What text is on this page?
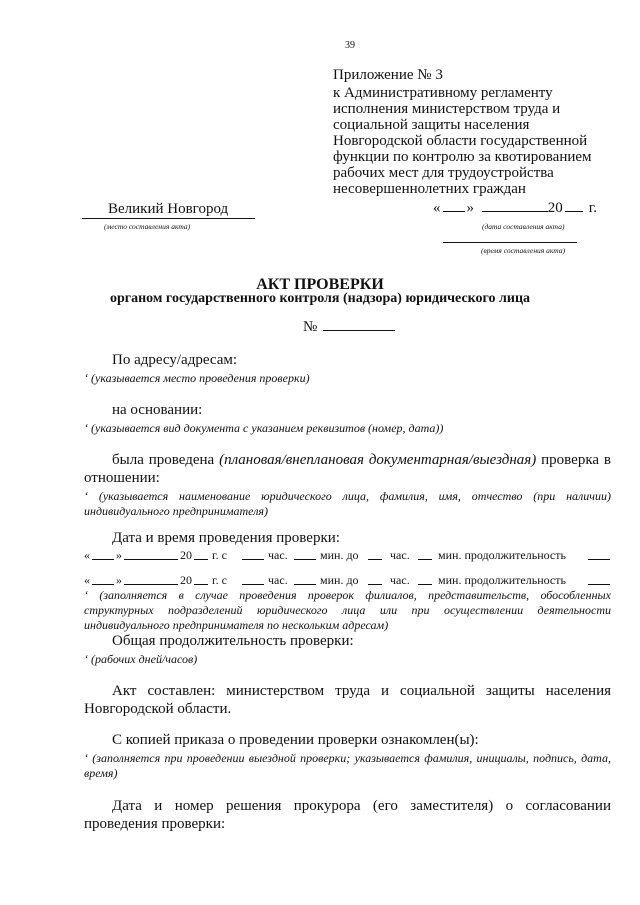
39
Приложение № 3
к Административному регламенту
исполнения министерством труда и
социальной защиты населения
Новгородской области государственной
функции по контролю за квотированием
рабочих мест для трудоустройства
несовершеннолетних граждан
Великий Новгород
(место составления акта)
« »	20 г.
(дата составления акта)
(время составления акта)
АКТ ПРОВЕРКИ
органом государственного контроля (надзора) юридического лица
№
По адресу/адресам:
‘ (указывается место проведения проверки)
на основании:
‘ (указывается вид документа с указанием реквизитов (номер, дата))
была проведена (плановая/внеплановая документарная/выездная) проверка в отношении:
‘ (указывается наименование юридического лица, фамилия, имя, отчество (при наличии) индивидуального предпринимателя)
Дата и время проведения проверки:
« »	20 г. с	час.	мин. до	час. мин. продолжительность
« »	20 г. с	час.	мин. до	час. мин. продолжительность
‘ (заполняется в случае проведения проверок филиалов, представительств, обособленных структурных подразделений юридического лица или при осуществлении деятельности индивидуального предпринимателя по нескольким адресам)
Общая продолжительность проверки:
‘ (рабочих дней/часов)
Акт составлен: министерством труда и социальной защиты населения Новгородской области.
С копией приказа о проведении проверки ознакомлен(ы):
‘ (заполняется при проведении выездной проверки; указывается фамилия, инициалы, подпись, дата, время)
Дата и номер решения прокурора (его заместителя) о согласовании проведения проверки:
